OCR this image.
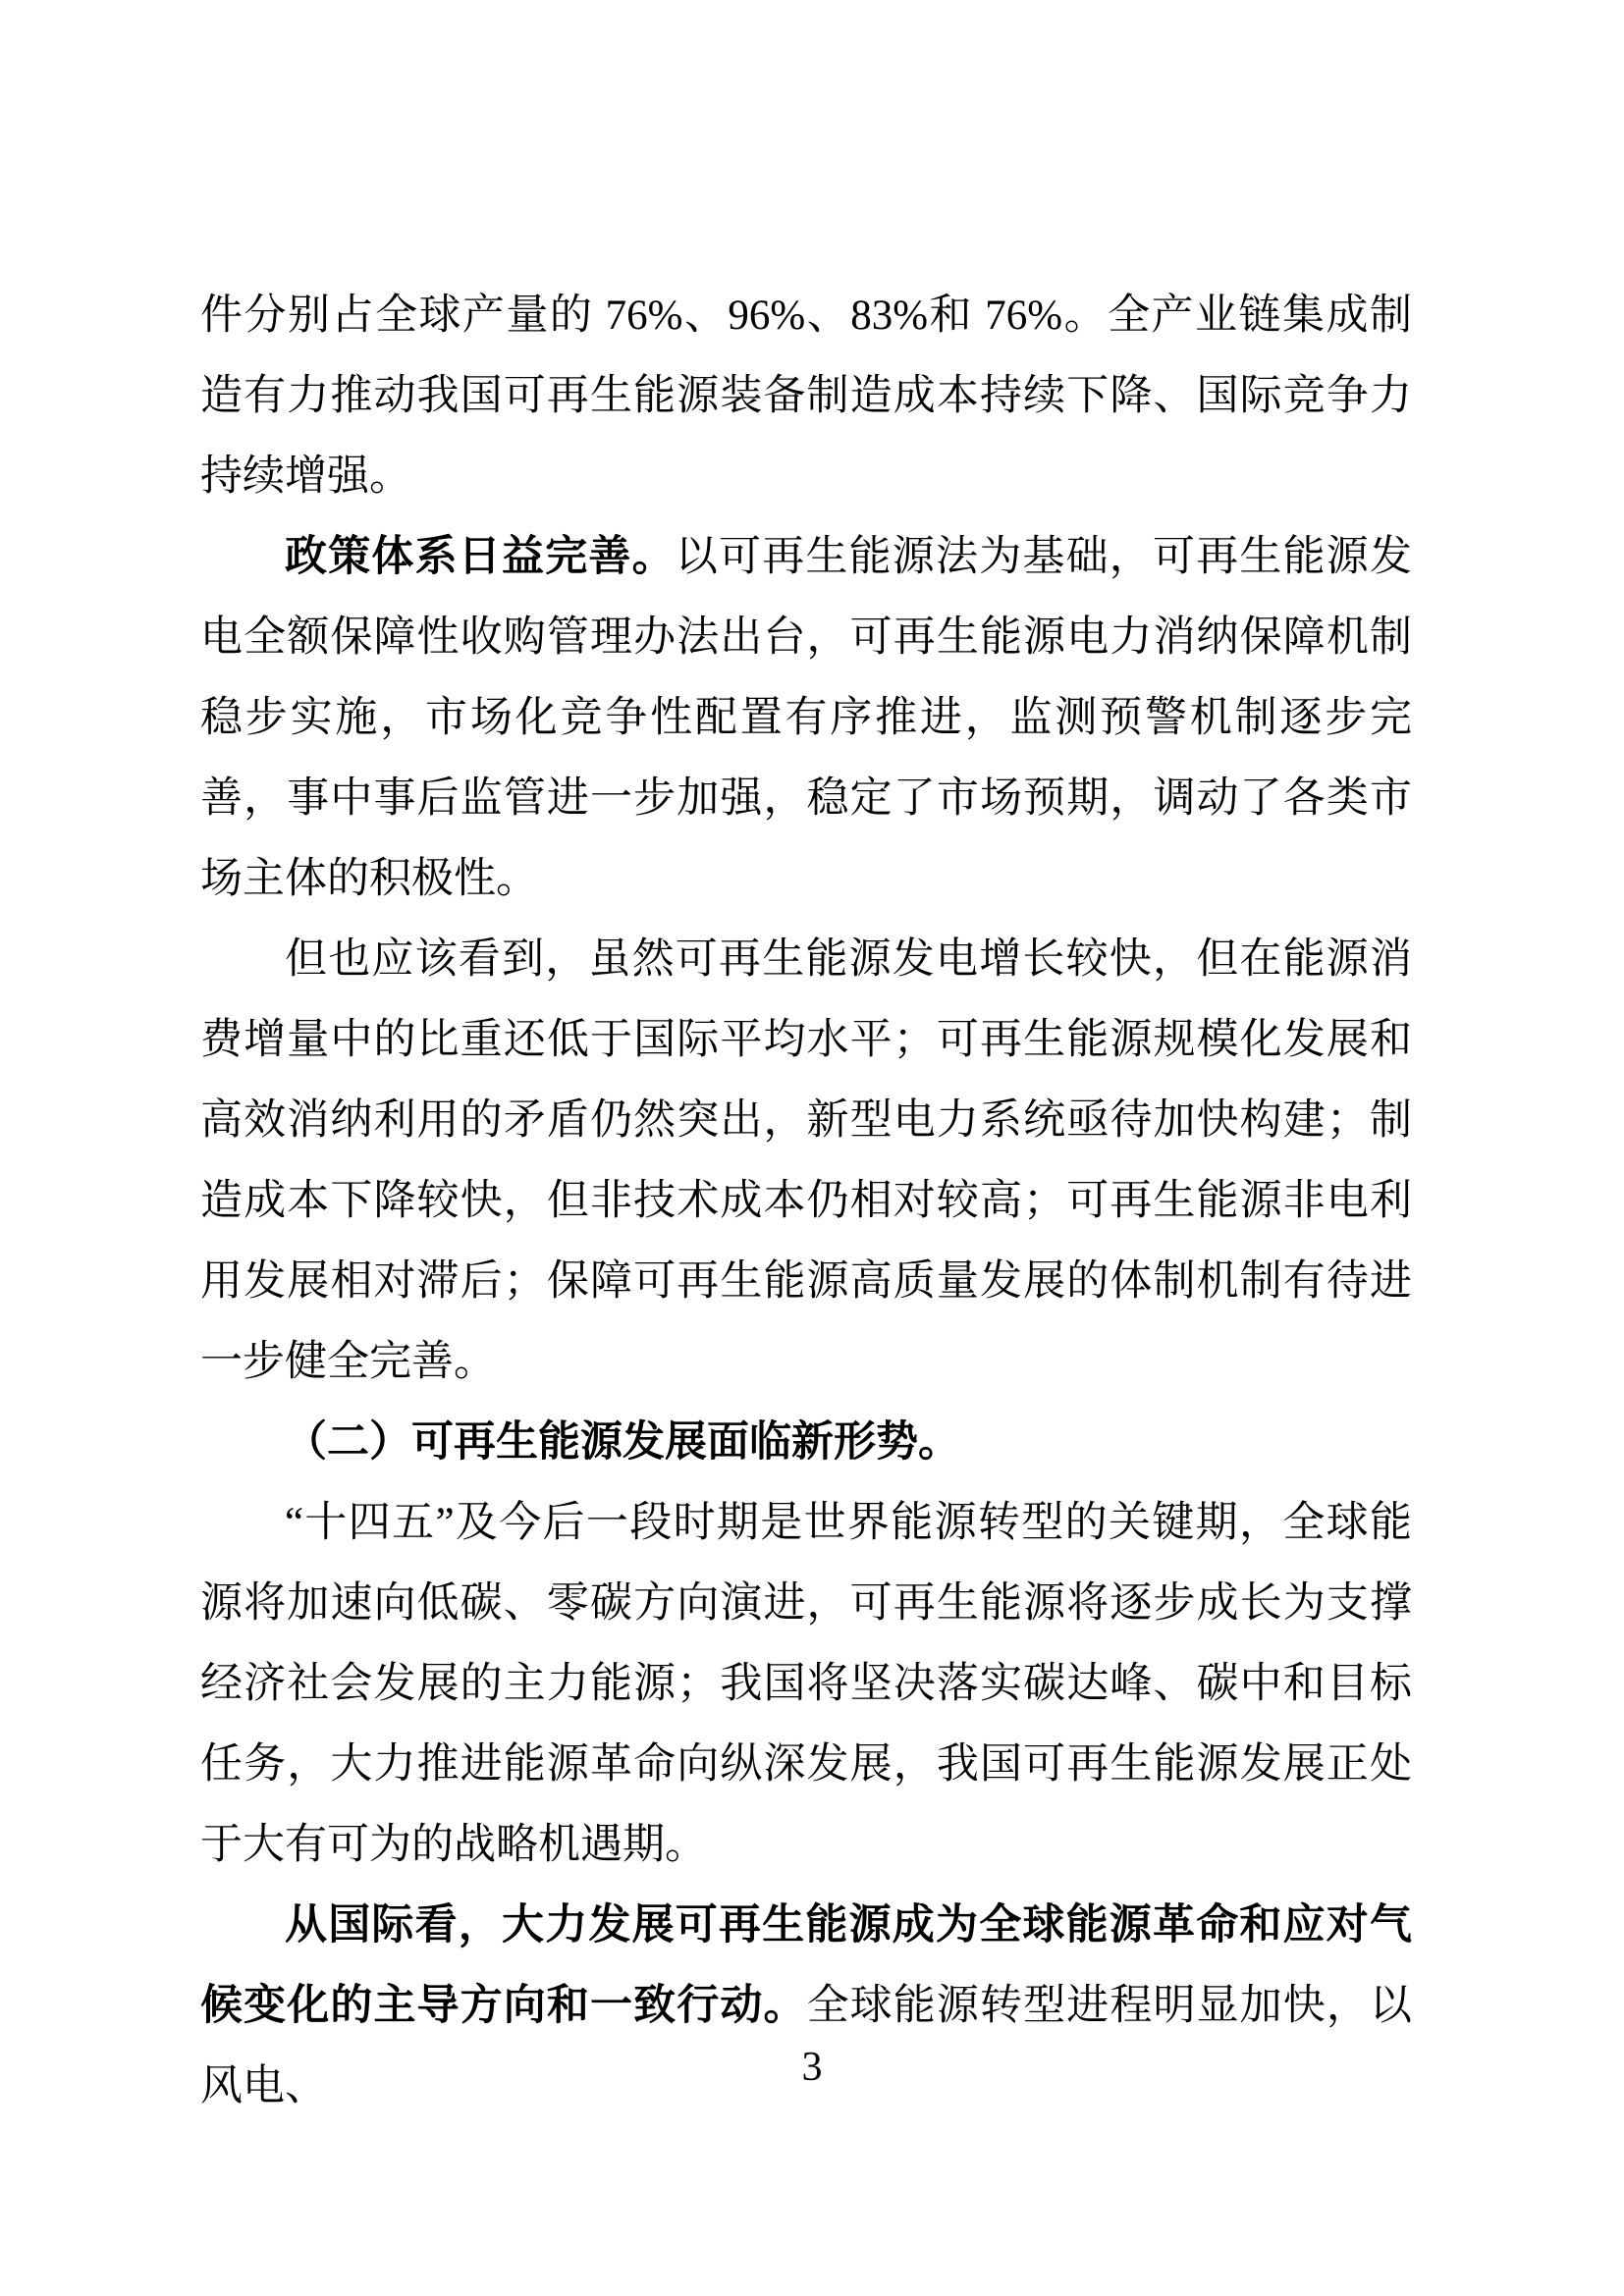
件分别占全球产量的 76%、96%、83%和 76%。全产业链集成制造有力推动我国可再生能源装备制造成本持续下降、国际竞争力持续增强。

政策体系日益完善。以可再生能源法为基础，可再生能源发电全额保障性收购管理办法出台，可再生能源电力消纳保障机制稳步实施，市场化竞争性配置有序推进，监测预警机制逐步完善，事中事后监管进一步加强，稳定了市场预期，调动了各类市场主体的积极性。

但也应该看到，虽然可再生能源发电增长较快，但在能源消费增量中的比重还低于国际平均水平；可再生能源规模化发展和高效消纳利用的矛盾仍然突出，新型电力系统亟待加快构建；制造成本下降较快，但非技术成本仍相对较高；可再生能源非电利用发展相对滞后；保障可再生能源高质量发展的体制机制有待进一步健全完善。

（二）可再生能源发展面临新形势。

“十四五”及今后一段时期是世界能源转型的关键期，全球能源将加速向低碳、零碳方向演进，可再生能源将逐步成长为支撑经济社会发展的主力能源；我国将坚决落实碳达峰、碳中和目标任务，大力推进能源革命向纵深发展，我国可再生能源发展正处于大有可为的战略机遇期。

从国际看，大力发展可再生能源成为全球能源革命和应对气候变化的主导方向和一致行动。全球能源转型进程明显加快，以风电、	3
